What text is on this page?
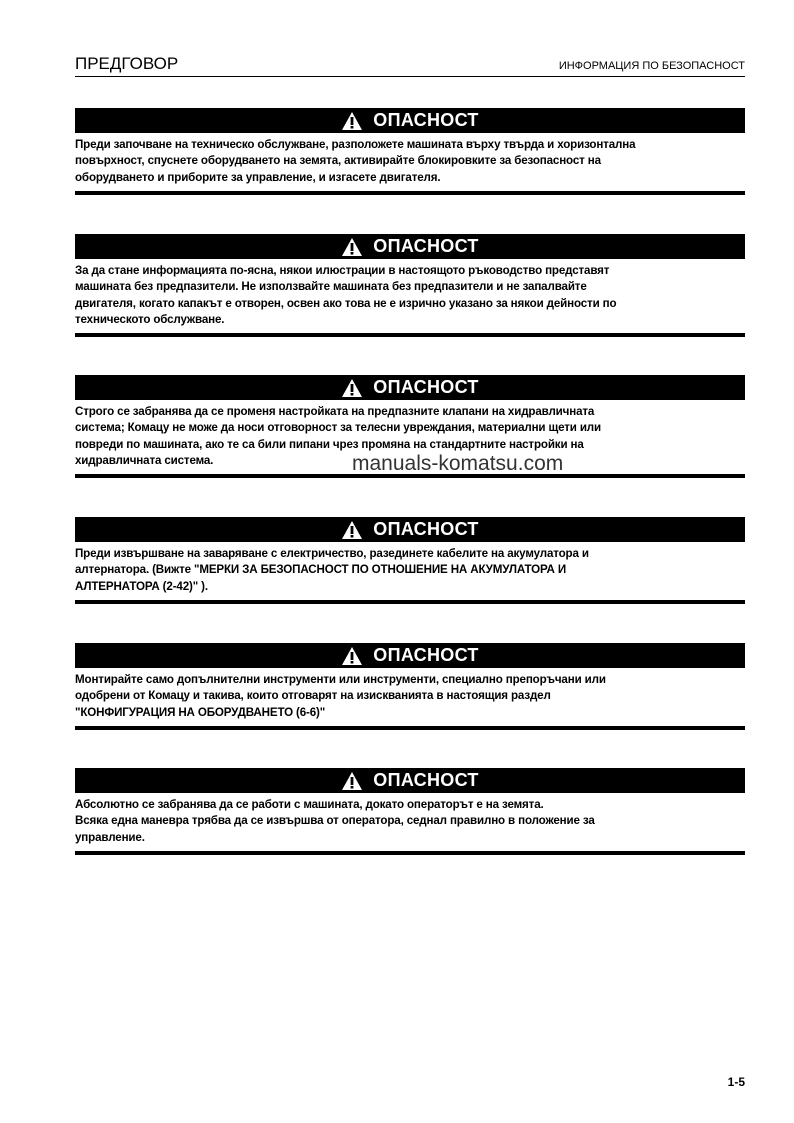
ПРЕДГОВОР	ИНФОРМАЦИЯ ПО БЕЗОПАСНОСТ
ОПАСНОСТ
Преди започване на техническо обслужване, разположете машината върху твърда и хоризонтална
повърхност, спуснете оборудването на земята, активирайте блокировките за безопасност на
оборудването и приборите за управление, и изгасете двигателя.
ОПАСНОСТ
За да стане информацията по-ясна, някои илюстрации в настоящото ръководство представят
машината без предпазители. Не използвайте машината без предпазители и не запалвайте
двигателя, когато капакът е отворен, освен ако това не е изрично указано за някои дейности по
техническото обслужване.
ОПАСНОСТ
Строго се забранява да се променя настройката на предпазните клапани на хидравличната
система; Комацу не може да носи отговорност за телесни увреждания, материални щети или
повреди по машината, ако те са били пипани чрез промяна на стандартните настройки на
хидравличната система.
ОПАСНОСТ
Преди извършване на заваряване с електричество, разединете кабелите на акумулатора и
алтернатора. (Вижте "МЕРКИ ЗА БЕЗОПАСНОСТ ПО ОТНОШЕНИЕ НА АКУМУЛАТОРА И
АЛТЕРНАТОРА (2-42)" ).
ОПАСНОСТ
Монтирайте само допълнителни инструменти или инструменти, специално препоръчани или
одобрени от Комацу и такива, които отговарят на изискванията в настоящия раздел
"КОНФИГУРАЦИЯ НА ОБОРУДВАНЕТО (6-6)"
ОПАСНОСТ
Абсолютно се забранява да се работи с машината, докато операторът е на земята.
Всяка една маневра трябва да се извършва от оператора, седнал правилно в положение за
управление.
manuals-komatsu.com
1-5
